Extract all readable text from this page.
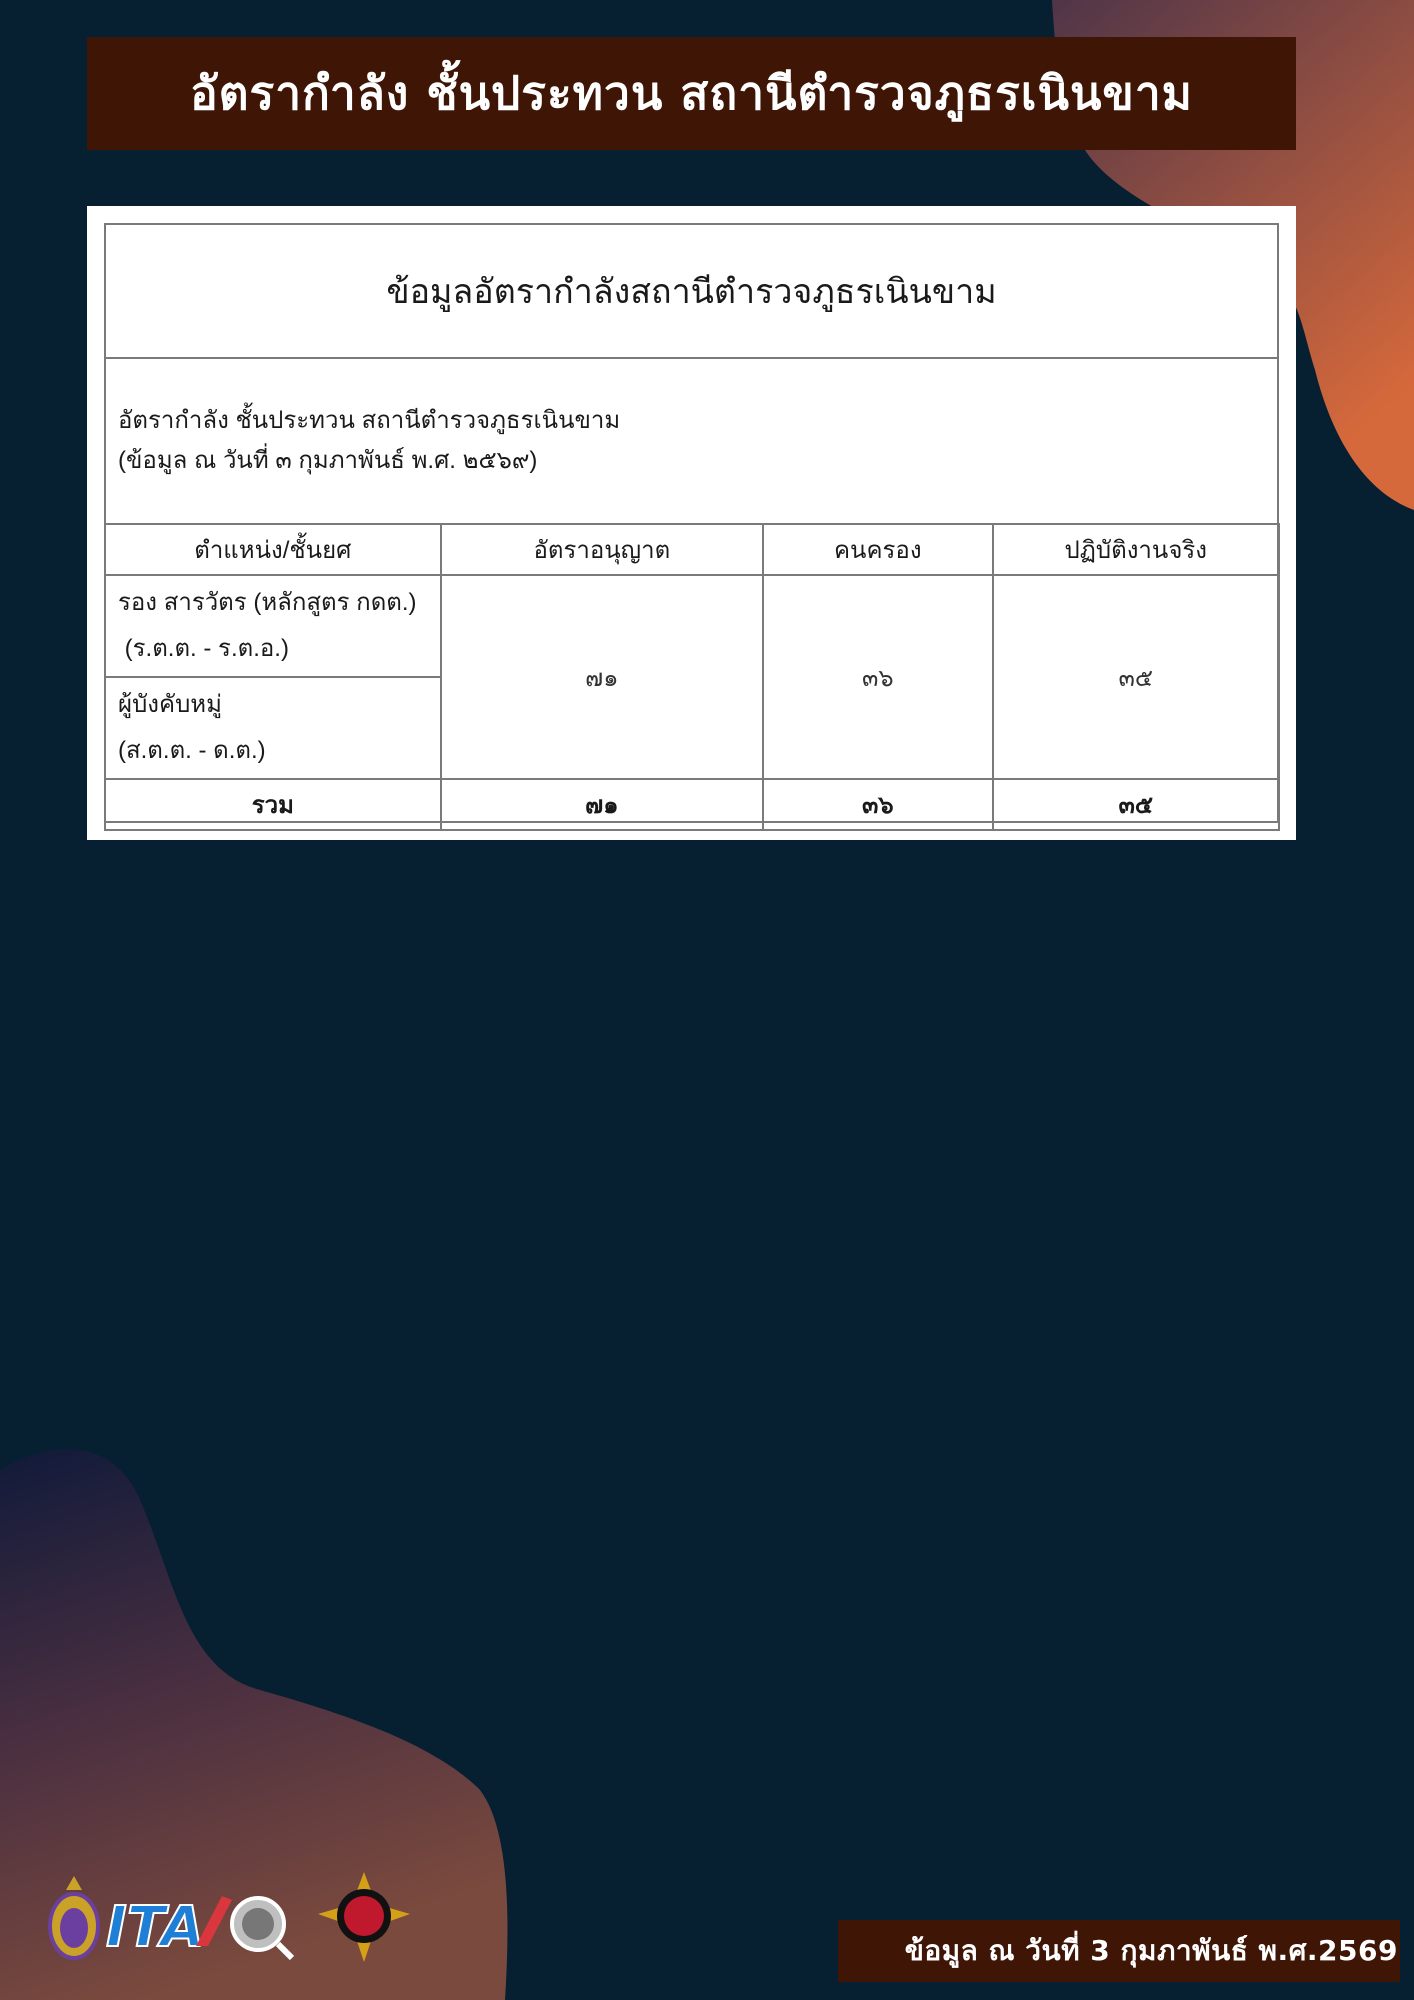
อัตรากำลัง ชั้นประทวน สถานีตำรวจภูธรเนินขาม
ข้อมูลอัตรากำลังสถานีตำรวจภูธรเนินขาม
อัตรากำลัง ชั้นประทวน สถานีตำรวจภูธรเนินขาม
(ข้อมูล ณ วันที่ ๓ กุมภาพันธ์ พ.ศ. ๒๕๖๙)
ตำแหน่ง/ชั้นยศ	อัตราอนุญาต	คนครอง	ปฏิบัติงานจริง

รอง สารวัตร (หลักสูตร กดต.)
(ร.ต.ต. - ร.ต.อ.)	๗๑	๓๖	๓๕

ผู้บังคับหมู่
(ส.ต.ต. - ด.ต.)			

รวม	๗๑	๓๖	๓๕
ITA	ข้อมูล ณ วันที่ 3 กุมภาพันธ์ พ.ศ.2569
